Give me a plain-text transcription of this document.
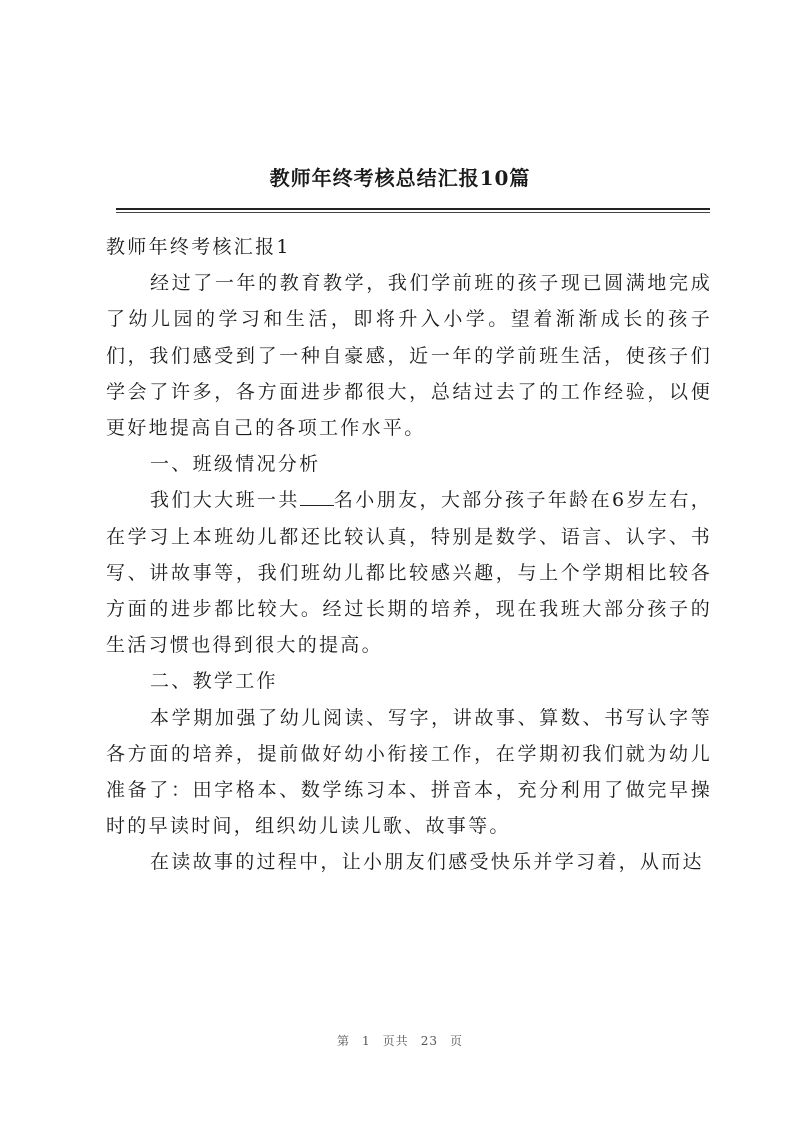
教师年终考核总结汇报10篇

教师年终考核汇报1

经过了一年的教育教学，我们学前班的孩子现已圆满地完成了幼儿园的学习和生活，即将升入小学。望着渐渐成长的孩子们，我们感受到了一种自豪感，近一年的学前班生活，使孩子们学会了许多，各方面进步都很大，总结过去了的工作经验，以便更好地提高自己的各项工作水平。

一、班级情况分析

我们大大班一共 名小朋友，大部分孩子年龄在6岁左右，在学习上本班幼儿都还比较认真，特别是数学、语言、认字、书写、讲故事等，我们班幼儿都比较感兴趣，与上个学期相比较各方面的进步都比较大。经过长期的培养，现在我班大部分孩子的生活习惯也得到很大的提高。

二、教学工作

本学期加强了幼儿阅读、写字，讲故事、算数、书写认字等各方面的培养，提前做好幼小衔接工作，在学期初我们就为幼儿准备了：田字格本、数学练习本、拼音本，充分利用了做完早操时的早读时间，组织幼儿读儿歌、故事等。

在读故事的过程中，让小朋友们感受快乐并学习着，从而达

第 1 页共 23 页
